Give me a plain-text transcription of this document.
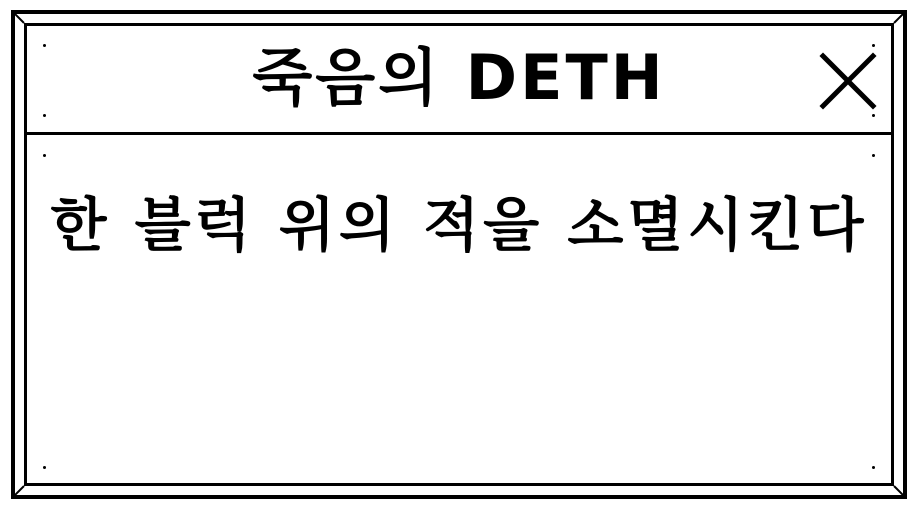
죽음의 DETH
한 블럭 위의 적을 소멸시킨다
